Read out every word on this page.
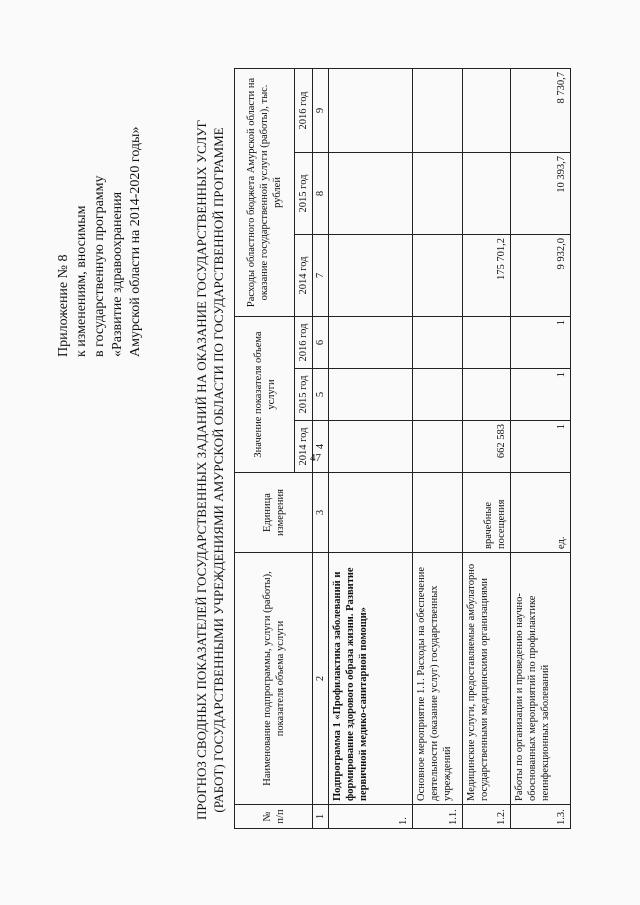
47
Приложение № 8 к изменениям, вносимым в государственную программу «Развитие здравоохранения Амурской области на 2014-2020 годы»	ПРОГНОЗ СВОДНЫХ ПОКАЗАТЕЛЕЙ ГОСУДАРСТВЕННЫХ ЗАДАНИЙ НА ОКАЗАНИЕ ГОСУДАРСТВЕННЫХ УСЛУГ (РАБОТ) ГОСУДАРСТВЕННЫМИ УЧРЕЖДЕНИЯМИ АМУРСКОЙ ОБЛАСТИ ПО ГОСУДАРСТВЕННОЙ ПРОГРАММЕ
№ п/п	Наименование подпрограммы, услуги (работы), показателя объема услуги	Единица измерения	Значение показателя объема услуги			Расходы областного бюджета Амурской области на оказание государственной услуги (работы), тыс. рублей		
			2014 год	2015 год	2016 год	2014 год	2015 год	2016 год
1	2	3	4	5	6	7	8	9
1.	Подпрограмма 1 «Профилактика заболеваний и формирование здорового образа жизни. Развитие первичной медико-санитарной помощи»							
1.1.	Основное мероприятие 1.1. Расходы на обеспечение деятельности (оказание услуг) государственных учреждений							
1.2.	Медицинские услуги, предоставляемые амбулаторно государственными медицинскими организациями	врачебные посещения	662 583			175 701,2		
1.3.	Работы по организации и проведению научно-обоснованных мероприятий по профилактике неинфекционных заболеваний	ед.	1	1	1	9 932,0	10 393,7	8 730,7
